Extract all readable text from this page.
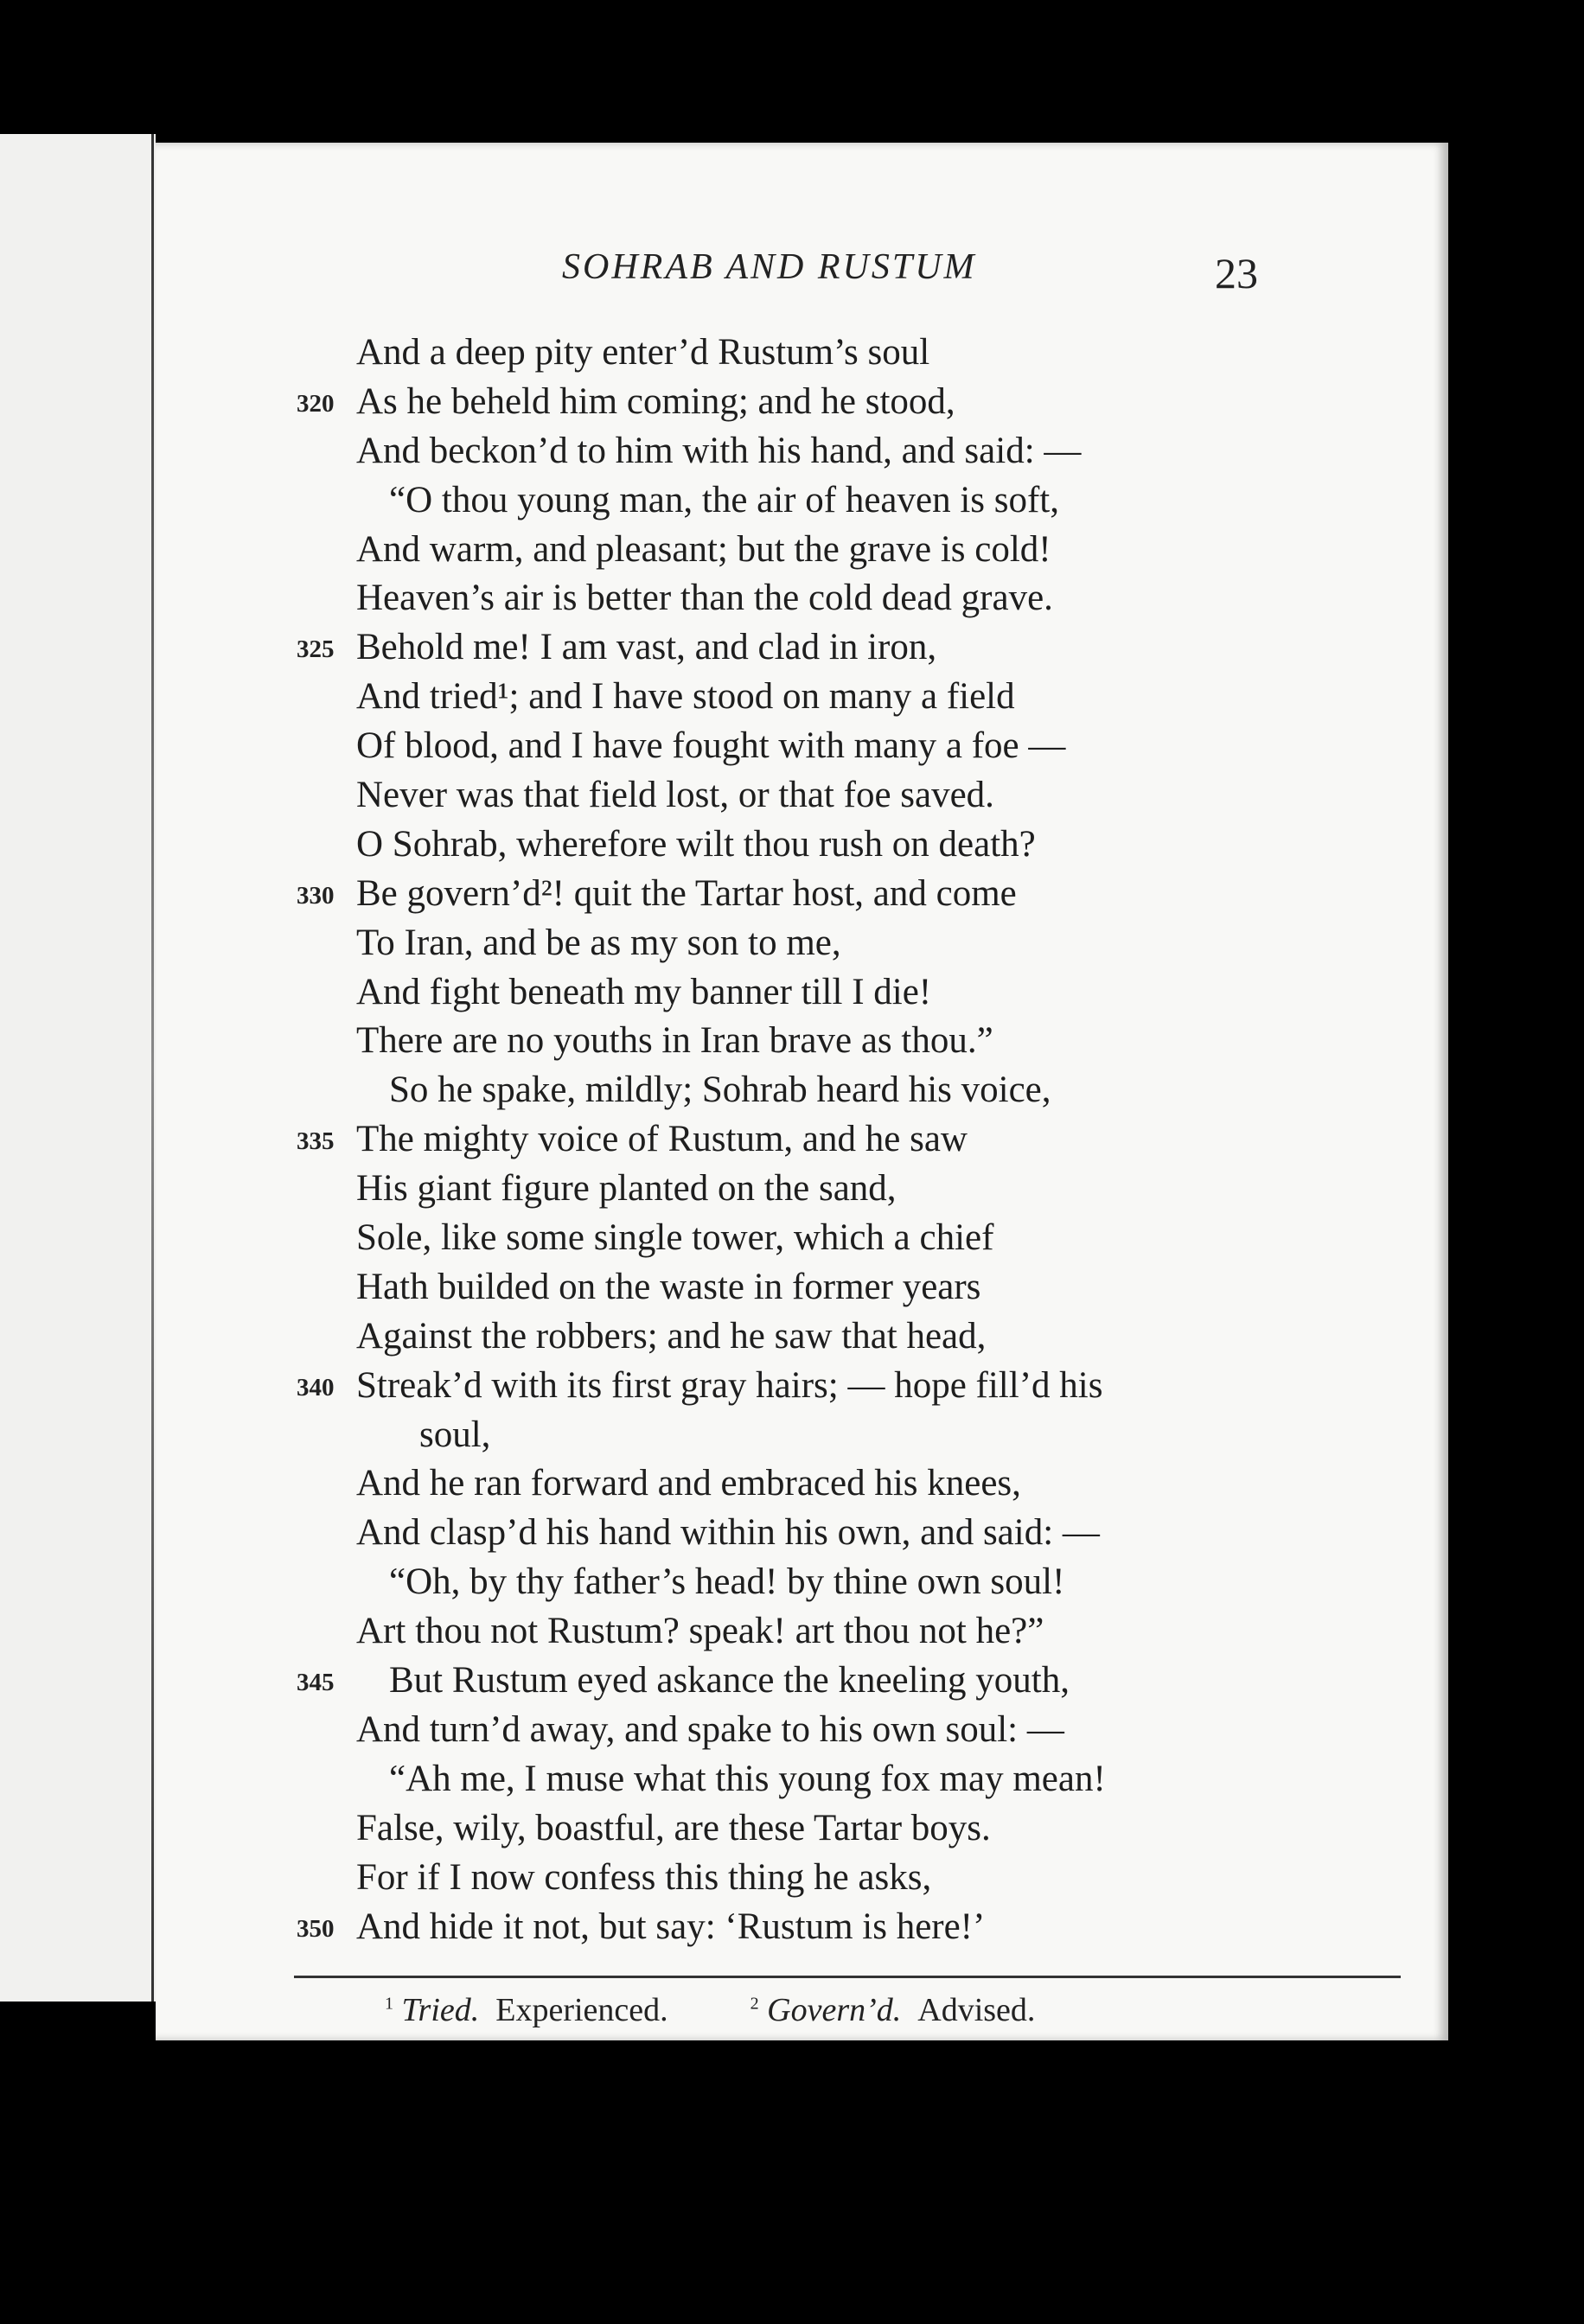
SOHRAB AND RUSTUM	23
And a deep pity enter’d Rustum’s soul
320 As he beheld him coming; and he stood,
And beckon’d to him with his hand, and said: —
“O thou young man, the air of heaven is soft,
And warm, and pleasant; but the grave is cold!
Heaven’s air is better than the cold dead grave.
325 Behold me! I am vast, and clad in iron,
And tried¹; and I have stood on many a field
Of blood, and I have fought with many a foe —
Never was that field lost, or that foe saved.
O Sohrab, wherefore wilt thou rush on death?
330 Be govern’d²! quit the Tartar host, and come
To Iran, and be as my son to me,
And fight beneath my banner till I die!
There are no youths in Iran brave as thou.”
So he spake, mildly; Sohrab heard his voice,
335 The mighty voice of Rustum, and he saw
His giant figure planted on the sand,
Sole, like some single tower, which a chief
Hath builded on the waste in former years
Against the robbers; and he saw that head,
340 Streak’d with its first gray hairs; — hope fill’d his
soul,
And he ran forward and embraced his knees,
And clasp’d his hand within his own, and said: —
“Oh, by thy father’s head! by thine own soul!
Art thou not Rustum? speak! art thou not he?”
345 But Rustum eyed askance the kneeling youth,
And turn’d away, and spake to his own soul: —
“Ah me, I muse what this young fox may mean!
False, wily, boastful, are these Tartar boys.
For if I now confess this thing he asks,
350 And hide it not, but say: ‘Rustum is here!’
$^1$ Tried. Experienced.	$^2$ Govern’d. Advised.
